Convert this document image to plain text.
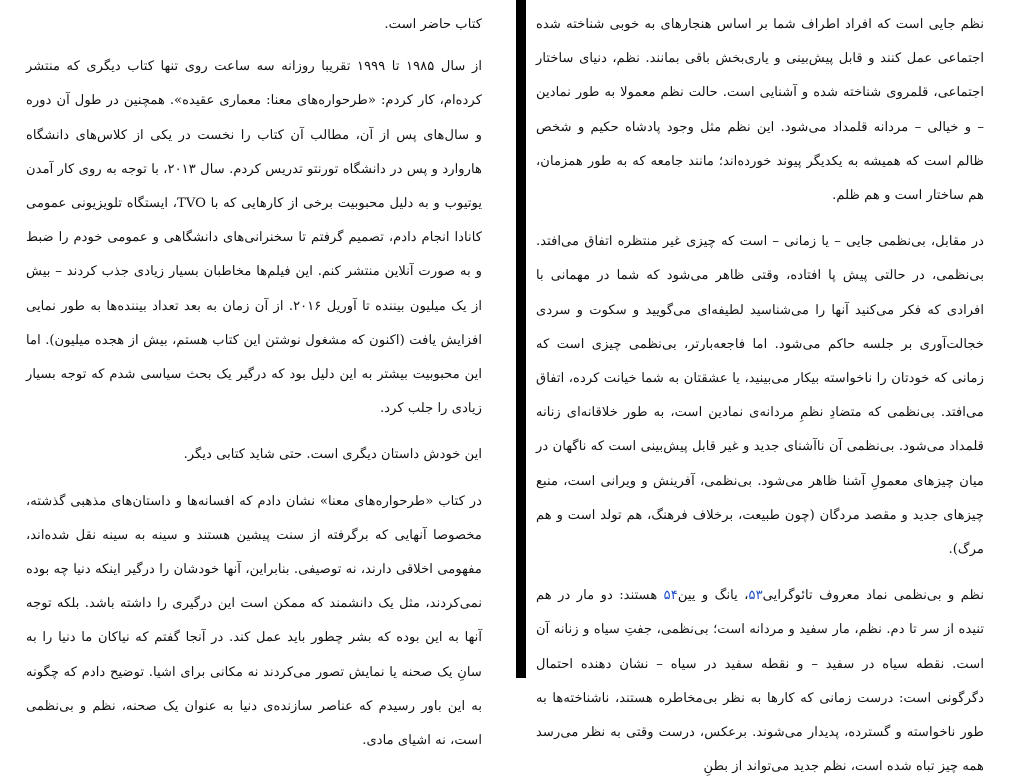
کتاب حاضر است.

از سال ۱۹۸۵ تا ۱۹۹۹ تقریبا روزانه سه ساعت روی تنها کتاب دیگری که منتشر کرده‌ام، کار کردم: «طرحواره‌های معنا: معماری عقیده». همچنین در طول آن دوره و سال‌های پس از آن، مطالب آن کتاب را نخست در یکی از کلاس‌های دانشگاه هاروارد و پس در دانشگاه تورنتو تدریس کردم. سال ۲۰۱۳، با توجه به روی کار آمدن یوتیوب و به دلیل محبوبیت برخی از کارهایی که با TVO، ایستگاه تلویزیونی عمومی کانادا انجام دادم، تصمیم گرفتم تا سخنرانی‌های دانشگاهی و عمومی خودم را ضبط و به صورت آنلاین منتشر کنم. این فیلم‌ها مخاطبان بسیار زیادی جذب کردند – بیش از یک میلیون بیننده تا آوریل ۲۰۱۶. از آن زمان به بعد تعداد بیننده‌ها به طور نمایی افزایش یافت (اکنون که مشغول نوشتن این کتاب هستم، بیش از هجده میلیون). اما این محبوبیت بیشتر به این دلیل بود که درگیر یک بحث سیاسی شدم که توجه بسیار زیادی را جلب کرد.

این خودش داستان دیگری است. حتی شاید کتابی دیگر.

در کتاب «طرحواره‌های معنا» نشان دادم که افسانه‌ها و داستان‌های مذهبی گذشته، مخصوصا آنهایی که برگرفته از سنت پیشین هستند و سینه به سینه نقل شده‌اند، مفهومی اخلاقی دارند، نه توصیفی. بنابراین، آنها خودشان را درگیر اینکه دنیا چه بوده نمی‌کردند، مثل یک دانشمند که ممکن است این درگیری را داشته باشد. بلکه توجه آنها به این بوده که بشر چطور باید عمل کند. در آنجا گفتم که نیاکان ما دنیا را به سانِ یک صحنه یا نمایش تصور می‌کردند نه مکانی برای اشیا. توضیح دادم که چگونه به این باور رسیدم که عناصر سازنده‌ی دنیا به عنوان یک صحنه، نظم و بی‌نظمی است، نه اشیای مادی.

نظم جایی است که افراد اطراف شما بر اساس هنجارهای به خوبی شناخته شده اجتماعی عمل کنند و قابل پیش‌بینی و یاری‌بخش باقی بمانند. نظم، دنیای ساختار اجتماعی، قلمروی شناخته شده و آشنایی است. حالت نظم معمولا به طور نمادین – و خیالی – مردانه قلمداد می‌شود. این نظم مثل وجود پادشاه حکیم و شخص ظالم است که همیشه به یکدیگر پیوند خورده‌اند؛ مانند جامعه که به طور همزمان، هم ساختار است و هم ظلم.

در مقابل، بی‌نظمی جایی – یا زمانی – است که چیزی غیر منتظره اتفاق می‌افتد. بی‌نظمی، در حالتی پیش پا افتاده، وقتی ظاهر می‌شود که شما در مهمانی با افرادی که فکر می‌کنید آنها را می‌شناسید لطیفه‌ای می‌گویید و سکوت و سردی خجالت‌آوری بر جلسه حاکم می‌شود. اما فاجعه‌بارتر، بی‌نظمی چیزی است که زمانی که خودتان را ناخواسته بیکار می‌بینید، یا عشقتان به شما خیانت کرده، اتفاق می‌افتد. بی‌نظمی که متضادِ نظمِ مردانه‌ی نمادین است، به طور خلاقانه‌ای زنانه قلمداد می‌شود. بی‌نظمی آن ناآشنای جدید و غیر قابل پیش‌بینی است که ناگهان در میان چیزهای معمولِ آشنا ظاهر می‌شود. بی‌نظمی، آفرینش و ویرانی است، منبع چیزهای جدید و مقصد مردگان (چون طبیعت، برخلاف فرهنگ، هم تولد است و هم مرگ).

نظم و بی‌نظمی نماد معروف تائوگرایی۵۳، یانگ و یین۵۴ هستند: دو مار در هم تنیده از سر تا دم. نظم، مار سفید و مردانه است؛ بی‌نظمی، جفتِ سیاه و زنانه آن است. نقطه سیاه در سفید – و نقطه سفید در سیاه – نشان دهنده احتمال دگرگونی است: درست زمانی که کارها به نظر بی‌مخاطره هستند، ناشناخته‌ها به طور ناخواسته و گسترده، پدیدار می‌شوند. برعکس، درست وقتی به نظر می‌رسد همه چیز تباه شده است، نظم جدید می‌تواند از بطنِ
